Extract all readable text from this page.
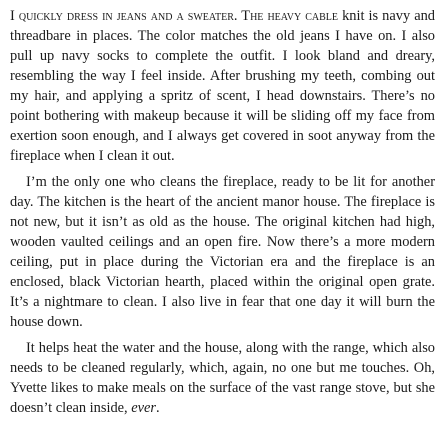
I quickly dress in jeans and a sweater. The heavy cable knit is navy and threadbare in places. The color matches the old jeans I have on. I also pull up navy socks to complete the outfit. I look bland and dreary, resembling the way I feel inside. After brushing my teeth, combing out my hair, and applying a spritz of scent, I head downstairs. There’s no point bothering with makeup because it will be sliding off my face from exertion soon enough, and I always get covered in soot anyway from the fireplace when I clean it out.

I’m the only one who cleans the fireplace, ready to be lit for another day. The kitchen is the heart of the ancient manor house. The fireplace is not new, but it isn’t as old as the house. The original kitchen had high, wooden vaulted ceilings and an open fire. Now there’s a more modern ceiling, put in place during the Victorian era and the fireplace is an enclosed, black Victorian hearth, placed within the original open grate. It’s a nightmare to clean. I also live in fear that one day it will burn the house down.

It helps heat the water and the house, along with the range, which also needs to be cleaned regularly, which, again, no one but me touches. Oh, Yvette likes to make meals on the surface of the vast range stove, but she doesn’t clean inside, ever.
